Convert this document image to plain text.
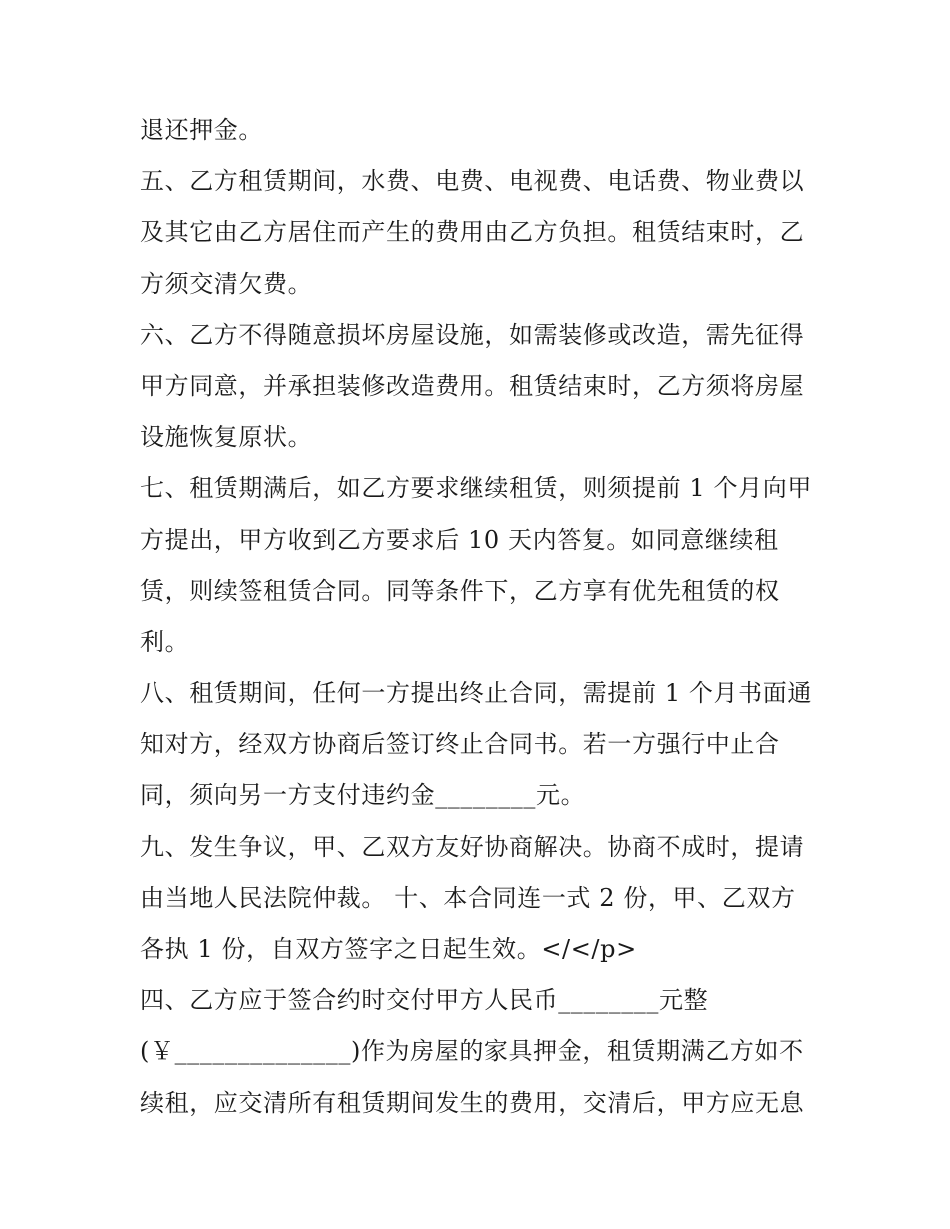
退还押金。
五、乙方租赁期间，水费、电费、电视费、电话费、物业费以
及其它由乙方居住而产生的费用由乙方负担。租赁结束时，乙
方须交清欠费。
六、乙方不得随意损坏房屋设施，如需装修或改造，需先征得
甲方同意，并承担装修改造费用。租赁结束时，乙方须将房屋
设施恢复原状。
七、租赁期满后，如乙方要求继续租赁，则须提前 1 个月向甲
方提出，甲方收到乙方要求后 10 天内答复。如同意继续租
赁，则续签租赁合同。同等条件下，乙方享有优先租赁的权
利。
八、租赁期间，任何一方提出终止合同，需提前 1 个月书面通
知对方，经双方协商后签订终止合同书。若一方强行中止合
同，须向另一方支付违约金________元。
九、发生争议，甲、乙双方友好协商解决。协商不成时，提请
由当地人民法院仲裁。 十、本合同连一式 2 份，甲、乙双方
各执 1 份，自双方签字之日起生效。</</p>
四、乙方应于签合约时交付甲方人民币________元整
(￥______________)作为房屋的家具押金，租赁期满乙方如不
续租，应交清所有租赁期间发生的费用，交清后，甲方应无息
